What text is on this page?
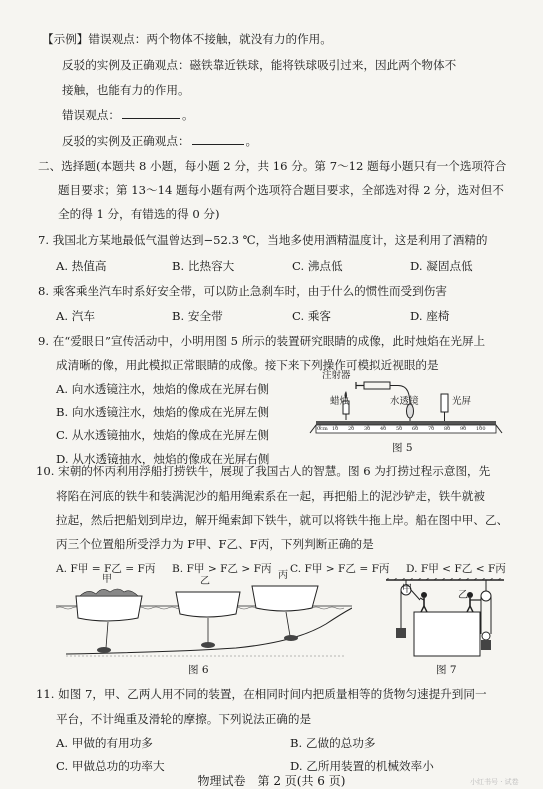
【示例】错误观点：两个物体不接触，就没有力的作用。
反驳的实例及正确观点：磁铁靠近铁球，能将铁球吸引过来，因此两个物体不
接触，也能有力的作用。
错误观点：	。
反驳的实例及正确观点：	。
二、选择题(本题共 8 小题，每小题 2 分，共 16 分。第 7～12 题每小题只有一个选项符合
题目要求；第 13～14 题每小题有两个选项符合题目要求，全部选对得 2 分，选对但不
全的得 1 分，有错选的得 0 分)
7. 我国北方某地最低气温曾达到−52.3 ℃，当地多使用酒精温度计，这是利用了酒精的
A. 热值高	B. 比热容大	C. 沸点低	D. 凝固点低
8. 乘客乘坐汽车时系好安全带，可以防止急刹车时，由于什么的惯性而受到伤害
A. 汽车	B. 安全带	C. 乘客	D. 座椅
9. 在“爱眼日”宣传活动中，小明用图 5 所示的装置研究眼睛的成像，此时烛焰在光屏上
成清晰的像，用此模拟正常眼睛的成像。接下来下列操作可模拟近视眼的是
A. 向水透镜注水，烛焰的像成在光屏右侧
B. 向水透镜注水，烛焰的像成在光屏左侧
C. 从水透镜抽水，烛焰的像成在光屏左侧
D. 从水透镜抽水，烛焰的像成在光屏右侧
注射器
蜡烛	水透镜	光屏
0cm 10 20 30 40 50 60 70 80 90 100
图 5
10. 宋朝的怀丙利用浮船打捞铁牛，展现了我国古人的智慧。图 6 为打捞过程示意图，先
将陷在河底的铁牛和装满泥沙的船用绳索系在一起，再把船上的泥沙铲走，铁牛就被
拉起，然后把船划到岸边，解开绳索卸下铁牛，就可以将铁牛拖上岸。船在图中甲、乙、
丙三个位置船所受浮力为 F甲、F乙、F丙，下列判断正确的是
A. F甲 = F乙 = F丙 B. F甲 > F乙 > F丙 C. F甲 > F乙 = F丙 D. F甲 < F乙 < F丙
甲	乙
丙
图 6
甲
乙
图 7
11. 如图 7，甲、乙两人用不同的装置，在相同时间内把质量相等的货物匀速提升到同一
平台，不计绳重及滑轮的摩擦。下列说法正确的是
A. 甲做的有用功多	B. 乙做的总功多
C. 甲做总功的功率大	D. 乙所用装置的机械效率小
物理试卷　第 2 页(共 6 页)	小红书号 · 试卷
